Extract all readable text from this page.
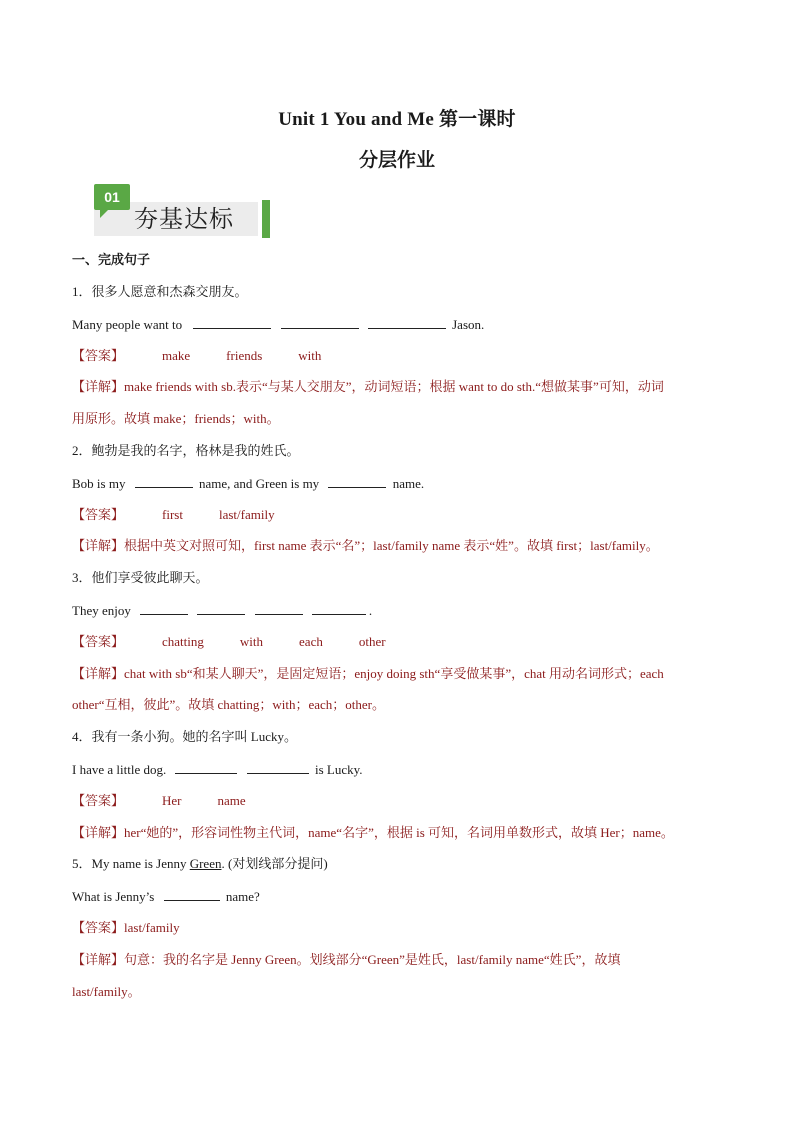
Unit 1 You and Me 第一课时
分层作业
01
夯基达标
一、完成句子
1．很多人愿意和杰森交朋友。
Many people want to	Jason.
【答案】	make	friends	with
【详解】make friends with sb.表示“与某人交朋友”，动词短语；根据 want to do sth.“想做某事”可知，动词
用原形。故填 make；friends；with。
2．鲍勃是我的名字，格林是我的姓氏。
Bob is my	name, and Green is my	name.
【答案】	first	last/family
【详解】根据中英文对照可知，first name 表示“名”；last/family name 表示“姓”。故填 first；last/family。
3．他们享受彼此聊天。
They enjoy	.
【答案】	chatting	with	each	other
【详解】chat with sb“和某人聊天”，是固定短语；enjoy doing sth“享受做某事”，chat 用动名词形式；each
other“互相，彼此”。故填 chatting；with；each；other。
4．我有一条小狗。她的名字叫 Lucky。
I have a little dog.	is Lucky.
【答案】	Her	name
【详解】her“她的”，形容词性物主代词，name“名字”，根据 is 可知，名词用单数形式，故填 Her；name。
5．My name is Jenny Green. (对划线部分提问)
What is Jenny’s	name?
【答案】last/family
【详解】句意：我的名字是 Jenny Green。划线部分“Green”是姓氏，last/family name“姓氏”，故填
last/family。
